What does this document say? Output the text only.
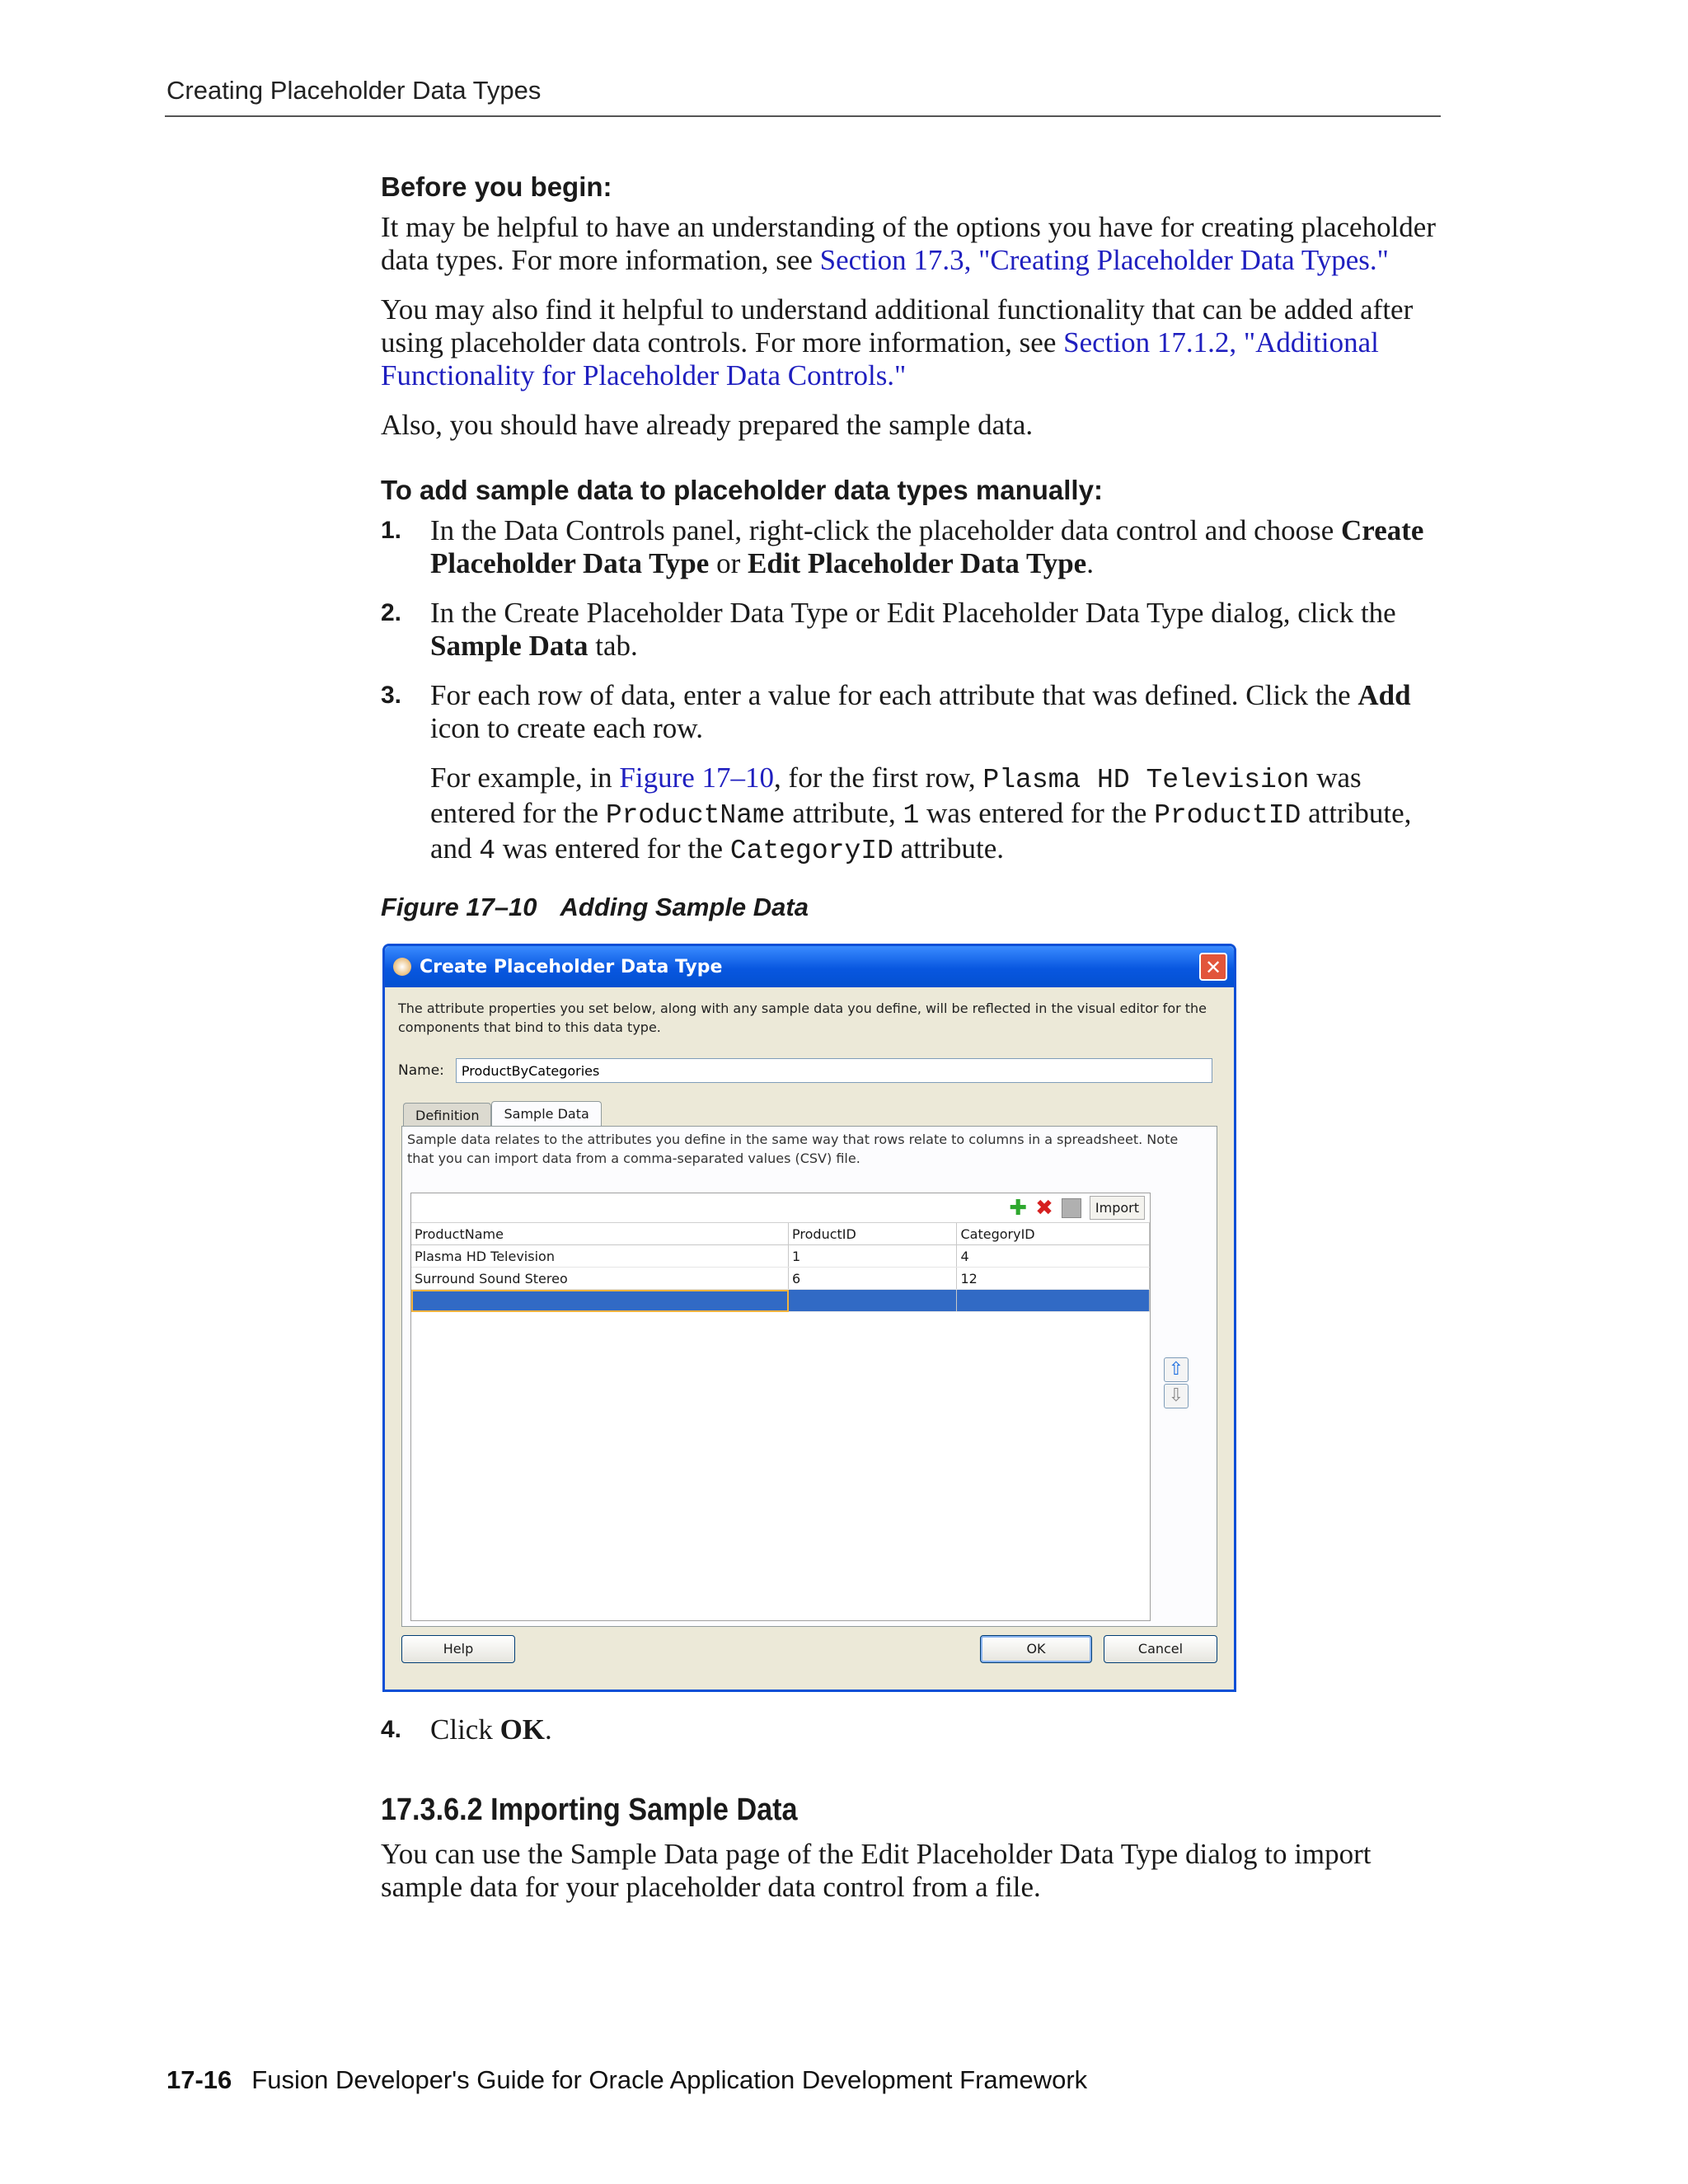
Creating Placeholder Data Types
Before you begin:

It may be helpful to have an understanding of the options you have for creating placeholder data types. For more information, see Section 17.3, "Creating Placeholder Data Types."

You may also find it helpful to understand additional functionality that can be added after using placeholder data controls. For more information, see Section 17.1.2, "Additional Functionality for Placeholder Data Controls."

Also, you should have already prepared the sample data.

To add sample data to placeholder data types manually:
1. In the Data Controls panel, right-click the placeholder data control and choose Create Placeholder Data Type or Edit Placeholder Data Type.
2. In the Create Placeholder Data Type or Edit Placeholder Data Type dialog, click the Sample Data tab.
3. For each row of data, enter a value for each attribute that was defined. Click the Add icon to create each row.
For example, in Figure 17–10, for the first row, Plasma HD Television was entered for the ProductName attribute, 1 was entered for the ProductID attribute, and 4 was entered for the CategoryID attribute.
Figure 17–10 Adding Sample Data
Create Placeholder Data Type	✕
The attribute properties you set below, along with any sample data you define, will be reflected in the visual editor for the components that bind to this data type.
Name:
ProductByCategories
Definition	Sample Data
Sample data relates to the attributes you define in the same way that rows relate to columns in a spreadsheet. Note that you can import data from a comma-separated values (CSV) file.
✚ ✖	Import
ProductName	ProductID	CategoryID
Plasma HD Television	1	4
Surround Sound Stereo	6	12

⇧
⇩
Help	OK	Cancel
4. Click OK.
17.3.6.2 Importing Sample Data

You can use the Sample Data page of the Edit Placeholder Data Type dialog to import sample data for your placeholder data control from a file.

17-16 Fusion Developer's Guide for Oracle Application Development Framework
